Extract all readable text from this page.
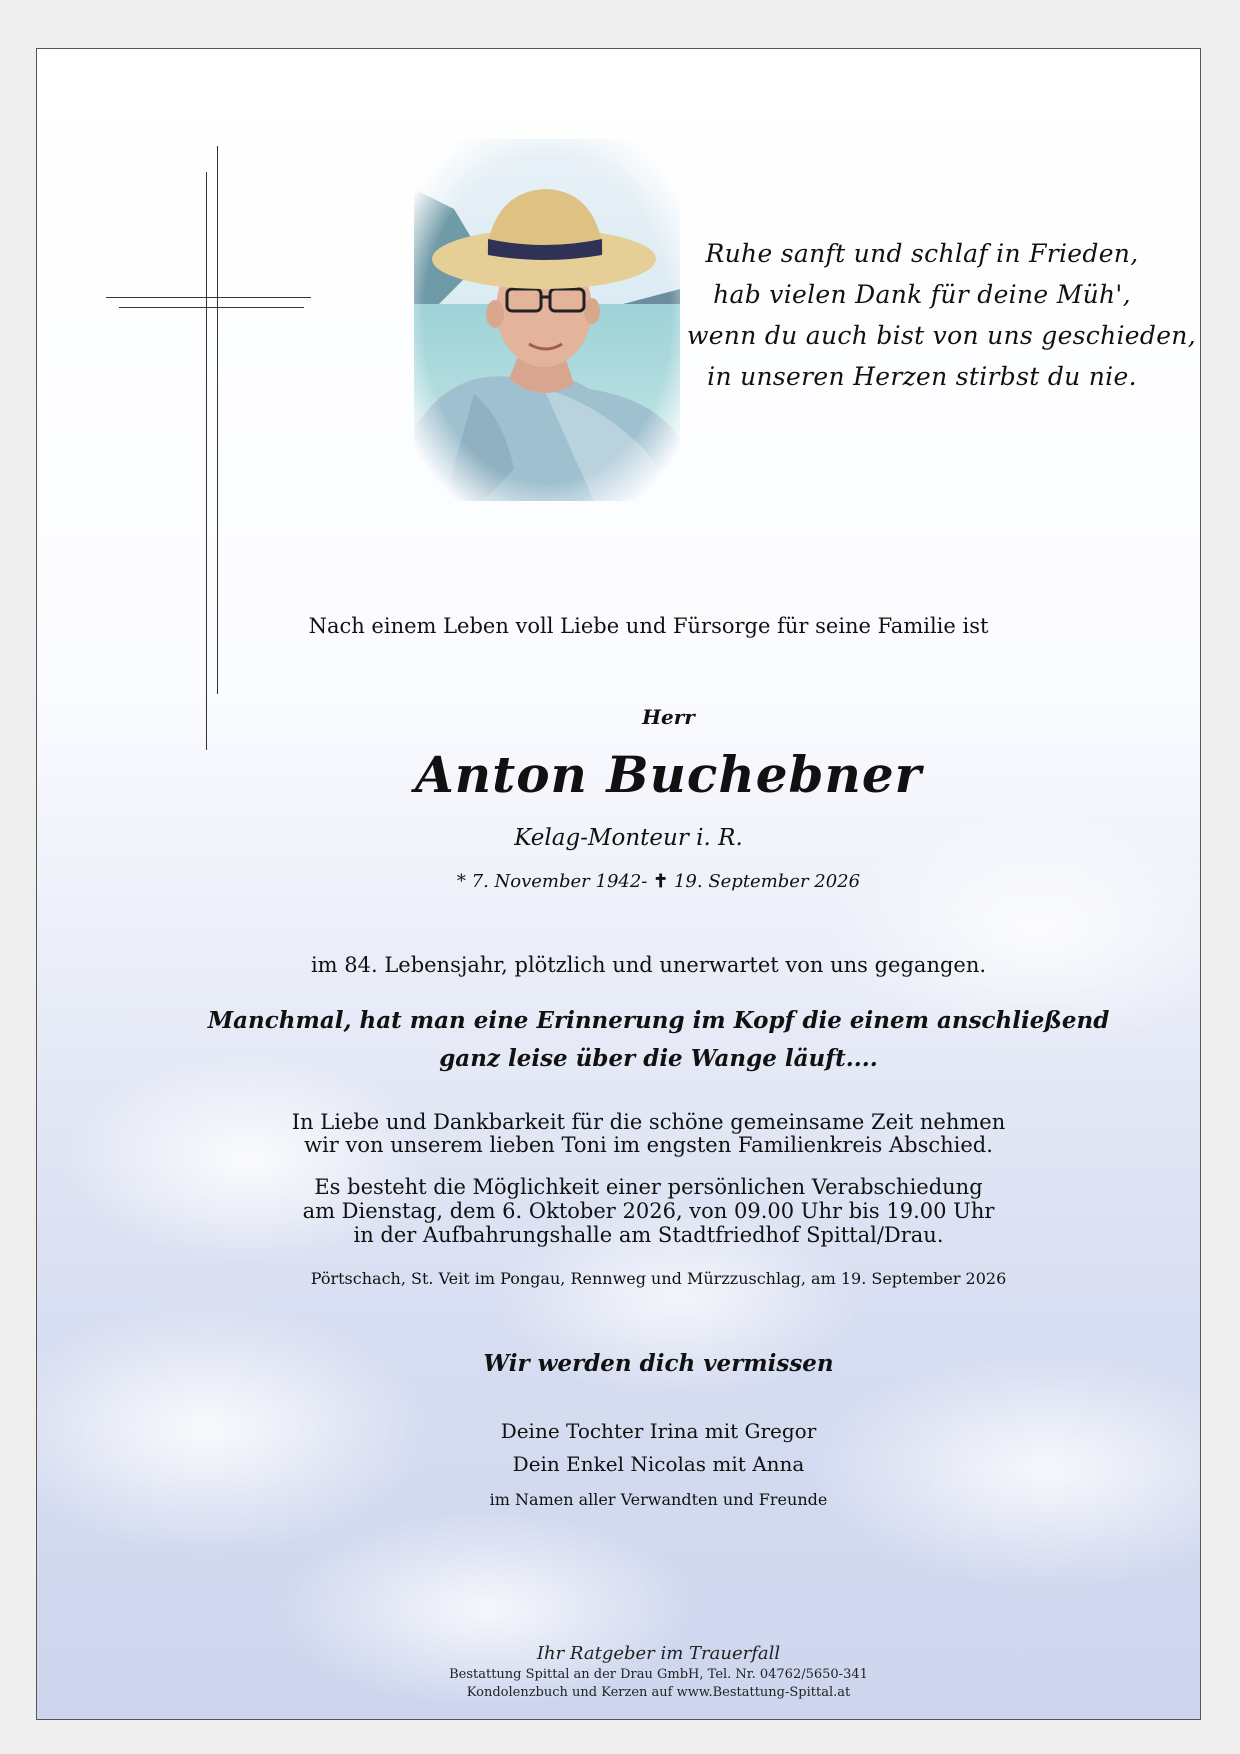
Ruhe sanft und schlaf in Frieden,
hab vielen Dank für deine Müh',
wenn du auch bist von uns geschieden,
in unseren Herzen stirbst du nie.
Nach einem Leben voll Liebe und Fürsorge für seine Familie ist
Herr
Anton Buchebner
Kelag-Monteur i. R.
* 7. November 1942- ✝ 19. September 2026
im 84. Lebensjahr, plötzlich und unerwartet von uns gegangen.
Manchmal, hat man eine Erinnerung im Kopf die einem anschließend
ganz leise über die Wange läuft....
In Liebe und Dankbarkeit für die schöne gemeinsame Zeit nehmen
wir von unserem lieben Toni im engsten Familienkreis Abschied.
Es besteht die Möglichkeit einer persönlichen Verabschiedung
am Dienstag, dem 6. Oktober 2026, von 09.00 Uhr bis 19.00 Uhr
in der Aufbahrungshalle am Stadtfriedhof Spittal/Drau.
Pörtschach, St. Veit im Pongau, Rennweg und Mürzzuschlag, am 19. September 2026
Wir werden dich vermissen
Deine Tochter Irina mit Gregor
Dein Enkel Nicolas mit Anna
im Namen aller Verwandten und Freunde
Ihr Ratgeber im Trauerfall
Bestattung Spittal an der Drau GmbH, Tel. Nr. 04762/5650-341
Kondolenzbuch und Kerzen auf www.Bestattung-Spittal.at
